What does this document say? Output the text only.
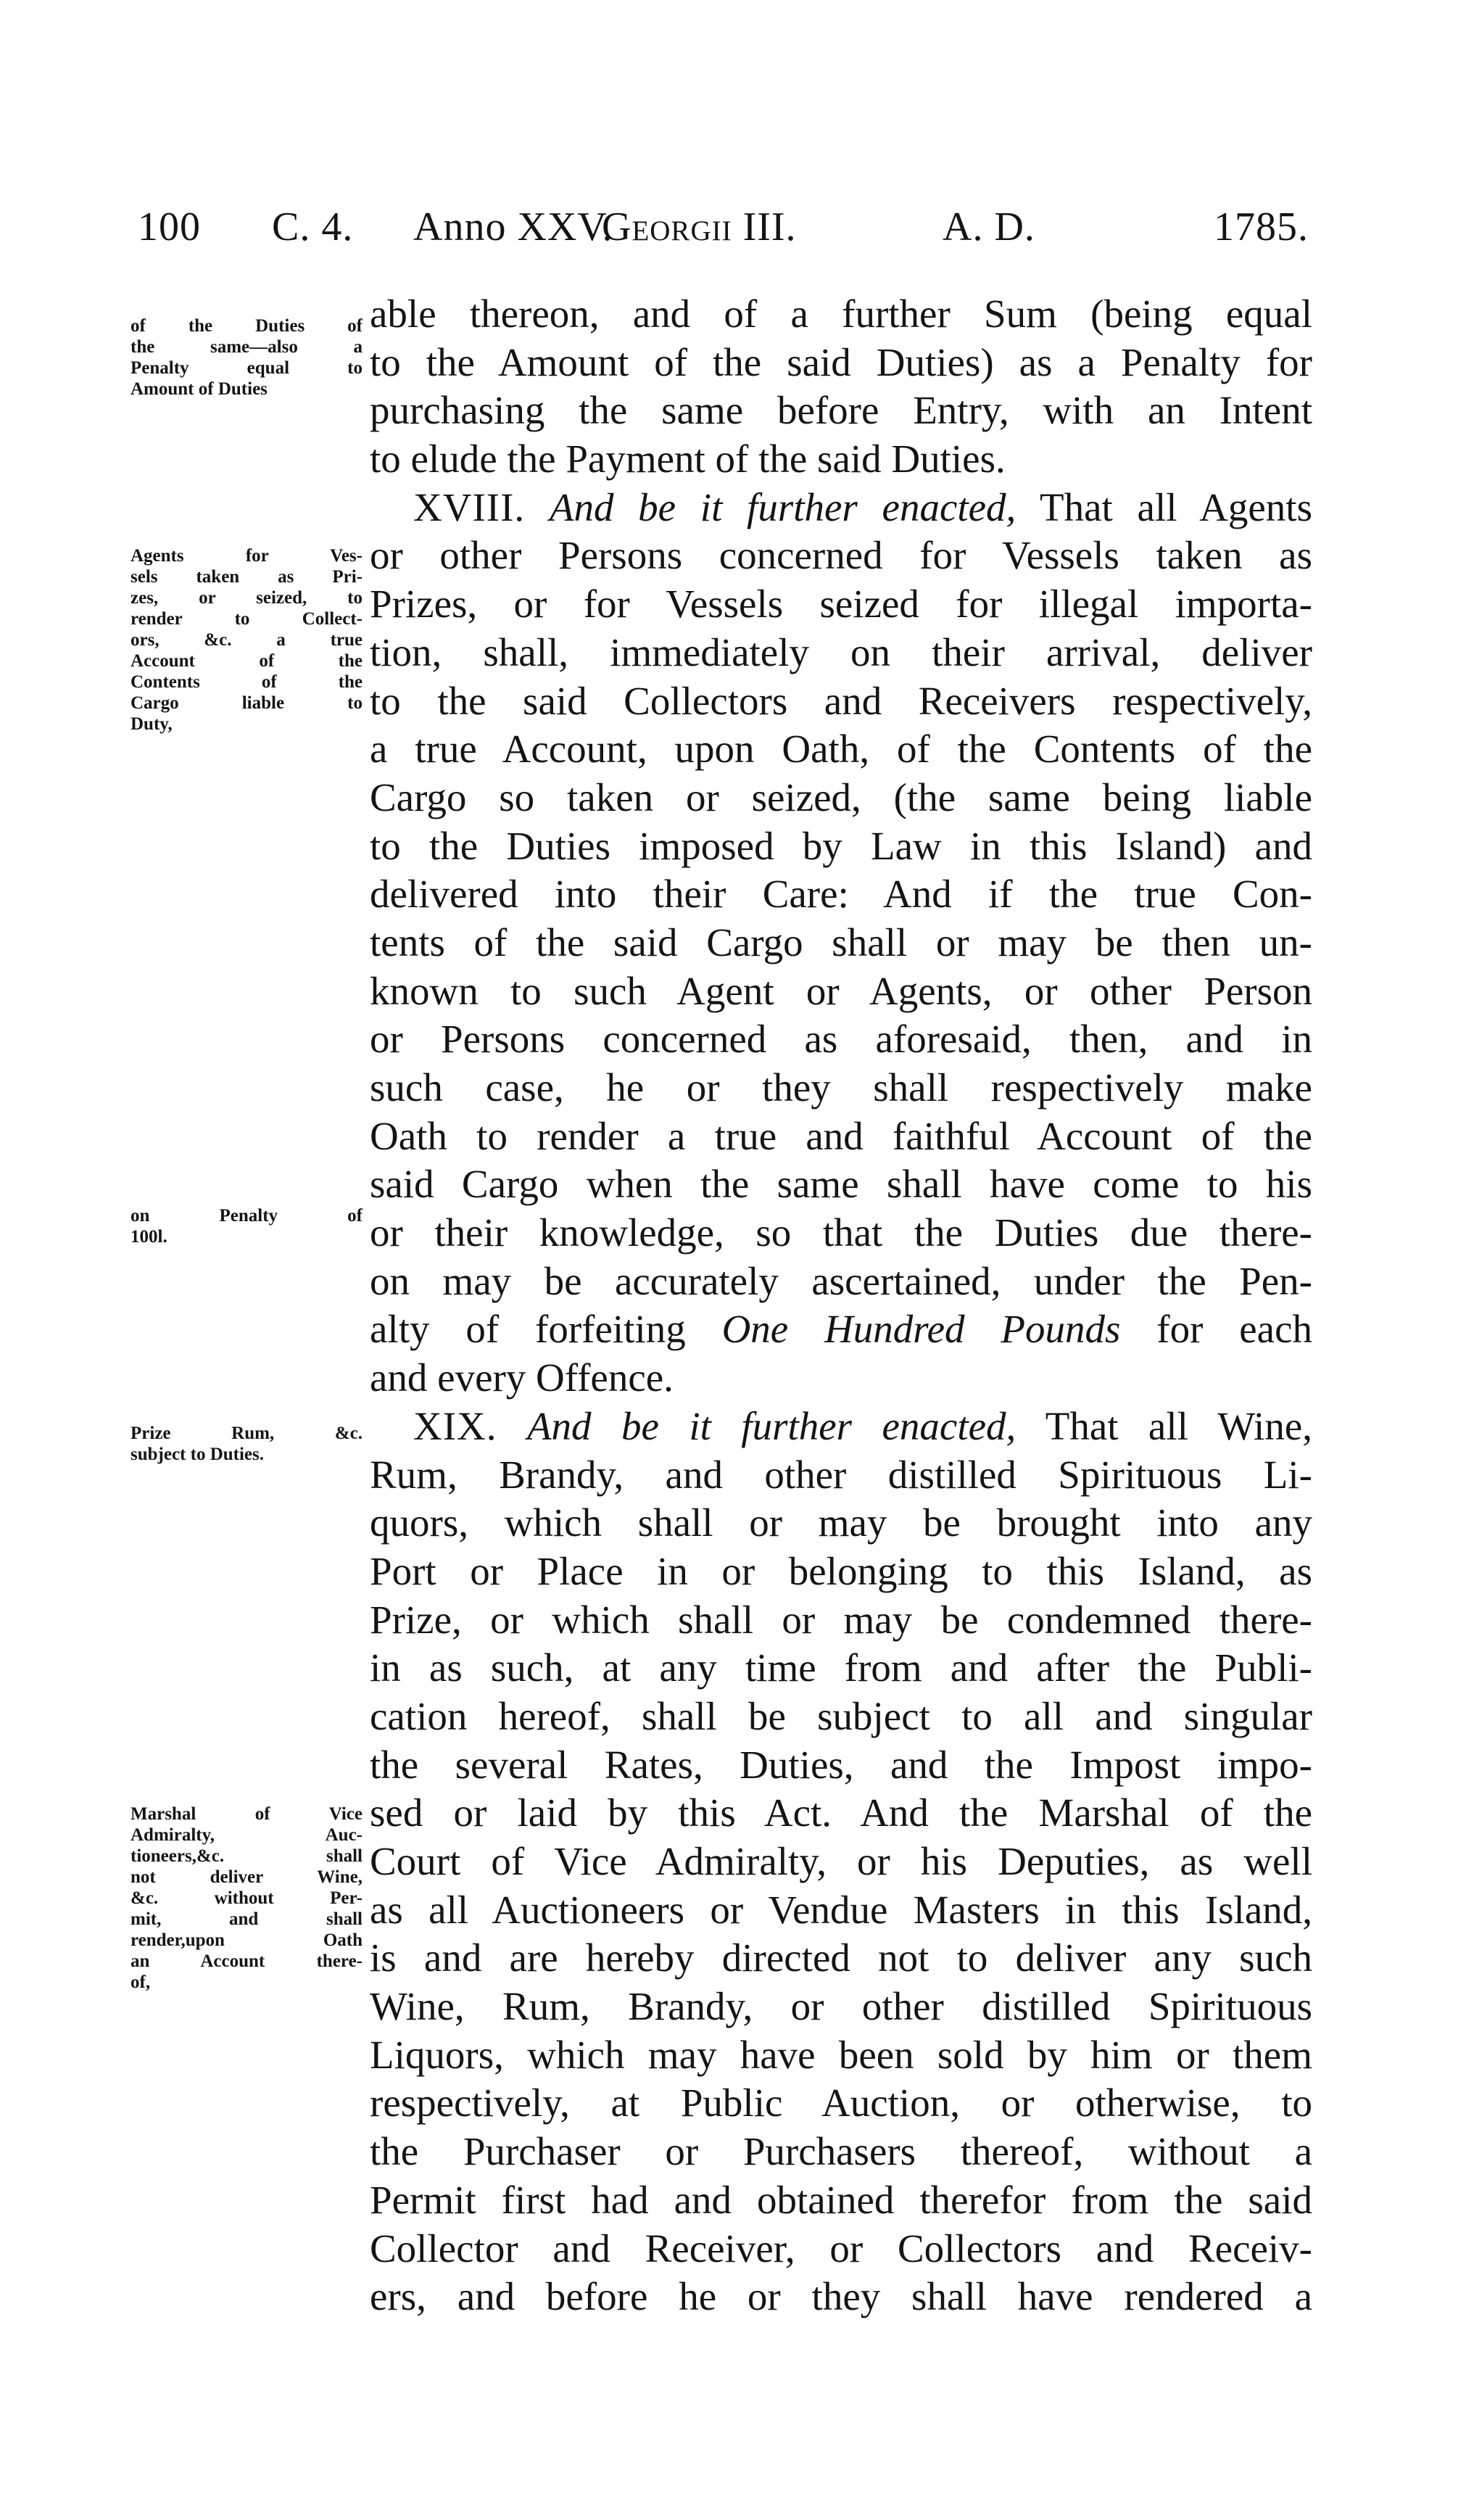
100 C. 4. Anno XXV.
Georgii III.	A. D.	1785.
of the Duties of
the same—also a
Penalty equal to
Amount of Duties
Agents for Ves-
sels taken as Pri-
zes, or seized, to
render to Collect-
ors, &c. a true
Account of the
Contents of the
Cargo liable to
Duty,
on Penalty of
100l.
Prize Rum, &c.
subject to Duties.
Marshal of Vice
Admiralty, Auc-
tioneers,&c. shall
not deliver Wine,
&c. without Per-
mit, and shall
render,upon Oath
an Account there-
of,
able thereon, and of a further Sum (being equal
to the Amount of the said Duties) as a Penalty for
purchasing the same before Entry, with an Intent
to elude the Payment of the said Duties.
XVIII. And be it further enacted, That all Agents
or other Persons concerned for Vessels taken as
Prizes, or for Vessels seized for illegal importa-
tion, shall, immediately on their arrival, deliver
to the said Collectors and Receivers respectively,
a true Account, upon Oath, of the Contents of the
Cargo so taken or seized, (the same being liable
to the Duties imposed by Law in this Island) and
delivered into their Care: And if the true Con-
tents of the said Cargo shall or may be then un-
known to such Agent or Agents, or other Person
or Persons concerned as aforesaid, then, and in
such case, he or they shall respectively make
Oath to render a true and faithful Account of the
said Cargo when the same shall have come to his
or their knowledge, so that the Duties due there-
on may be accurately ascertained, under the Pen-
alty of forfeiting One Hundred Pounds for each
and every Offence.
XIX. And be it further enacted, That all Wine,
Rum, Brandy, and other distilled Spirituous Li-
quors, which shall or may be brought into any
Port or Place in or belonging to this Island, as
Prize, or which shall or may be condemned there-
in as such, at any time from and after the Publi-
cation hereof, shall be subject to all and singular
the several Rates, Duties, and the Impost impo-
sed or laid by this Act. And the Marshal of the
Court of Vice Admiralty, or his Deputies, as well
as all Auctioneers or Vendue Masters in this Island,
is and are hereby directed not to deliver any such
Wine, Rum, Brandy, or other distilled Spirituous
Liquors, which may have been sold by him or them
respectively, at Public Auction, or otherwise, to
the Purchaser or Purchasers thereof, without a
Permit first had and obtained therefor from the said
Collector and Receiver, or Collectors and Receiv-
ers, and before he or they shall have rendered a
